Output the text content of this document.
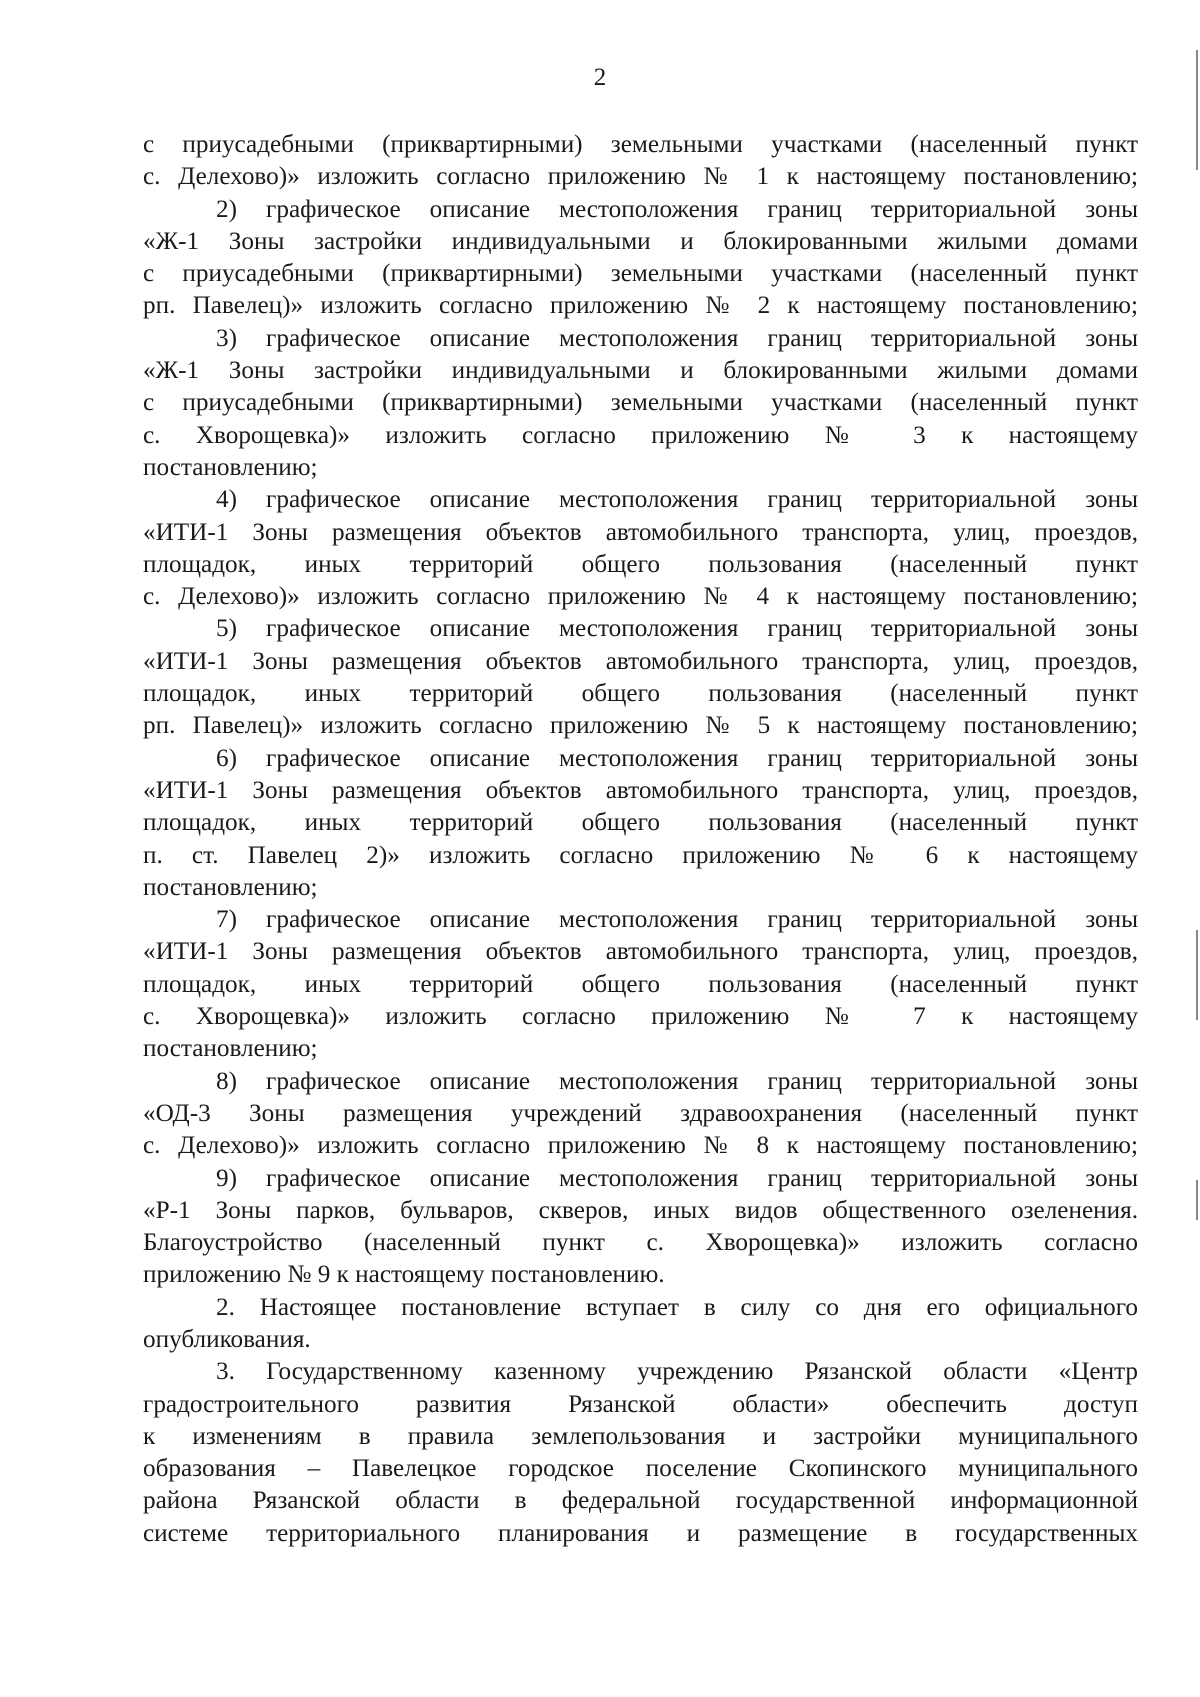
2
с приусадебными (приквартирными) земельными участками (населенный пункт
с. Делехово)» изложить согласно приложению № 1 к настоящему постановлению;
2) графическое описание местоположения границ территориальной зоны
«Ж-1 Зоны застройки индивидуальными и блокированными жилыми домами
с приусадебными (приквартирными) земельными участками (населенный пункт
рп. Павелец)» изложить согласно приложению № 2 к настоящему постановлению;
3) графическое описание местоположения границ территориальной зоны
«Ж-1 Зоны застройки индивидуальными и блокированными жилыми домами
с приусадебными (приквартирными) земельными участками (населенный пункт
с. Хворощевка)» изложить согласно приложению № 3 к настоящему
постановлению;
4) графическое описание местоположения границ территориальной зоны
«ИТИ-1 Зоны размещения объектов автомобильного транспорта, улиц, проездов,
площадок, иных территорий общего пользования (населенный пункт
с. Делехово)» изложить согласно приложению № 4 к настоящему постановлению;
5) графическое описание местоположения границ территориальной зоны
«ИТИ-1 Зоны размещения объектов автомобильного транспорта, улиц, проездов,
площадок, иных территорий общего пользования (населенный пункт
рп. Павелец)» изложить согласно приложению № 5 к настоящему постановлению;
6) графическое описание местоположения границ территориальной зоны
«ИТИ-1 Зоны размещения объектов автомобильного транспорта, улиц, проездов,
площадок, иных территорий общего пользования (населенный пункт
п. ст. Павелец 2)» изложить согласно приложению № 6 к настоящему
постановлению;
7) графическое описание местоположения границ территориальной зоны
«ИТИ-1 Зоны размещения объектов автомобильного транспорта, улиц, проездов,
площадок, иных территорий общего пользования (населенный пункт
с. Хворощевка)» изложить согласно приложению № 7 к настоящему
постановлению;
8) графическое описание местоположения границ территориальной зоны
«ОД-3 Зоны размещения учреждений здравоохранения (населенный пункт
с. Делехово)» изложить согласно приложению № 8 к настоящему постановлению;
9) графическое описание местоположения границ территориальной зоны
«Р-1 Зоны парков, бульваров, скверов, иных видов общественного озеленения.
Благоустройство (населенный пункт с. Хворощевка)» изложить согласно
приложению № 9 к настоящему постановлению.
2. Настоящее постановление вступает в силу со дня его официального
опубликования.
3. Государственному казенному учреждению Рязанской области «Центр
градостроительного развития Рязанской области» обеспечить доступ
к изменениям в правила землепользования и застройки муниципального
образования – Павелецкое городское поселение Скопинского муниципального
района Рязанской области в федеральной государственной информационной
системе территориального планирования и размещение в государственных
